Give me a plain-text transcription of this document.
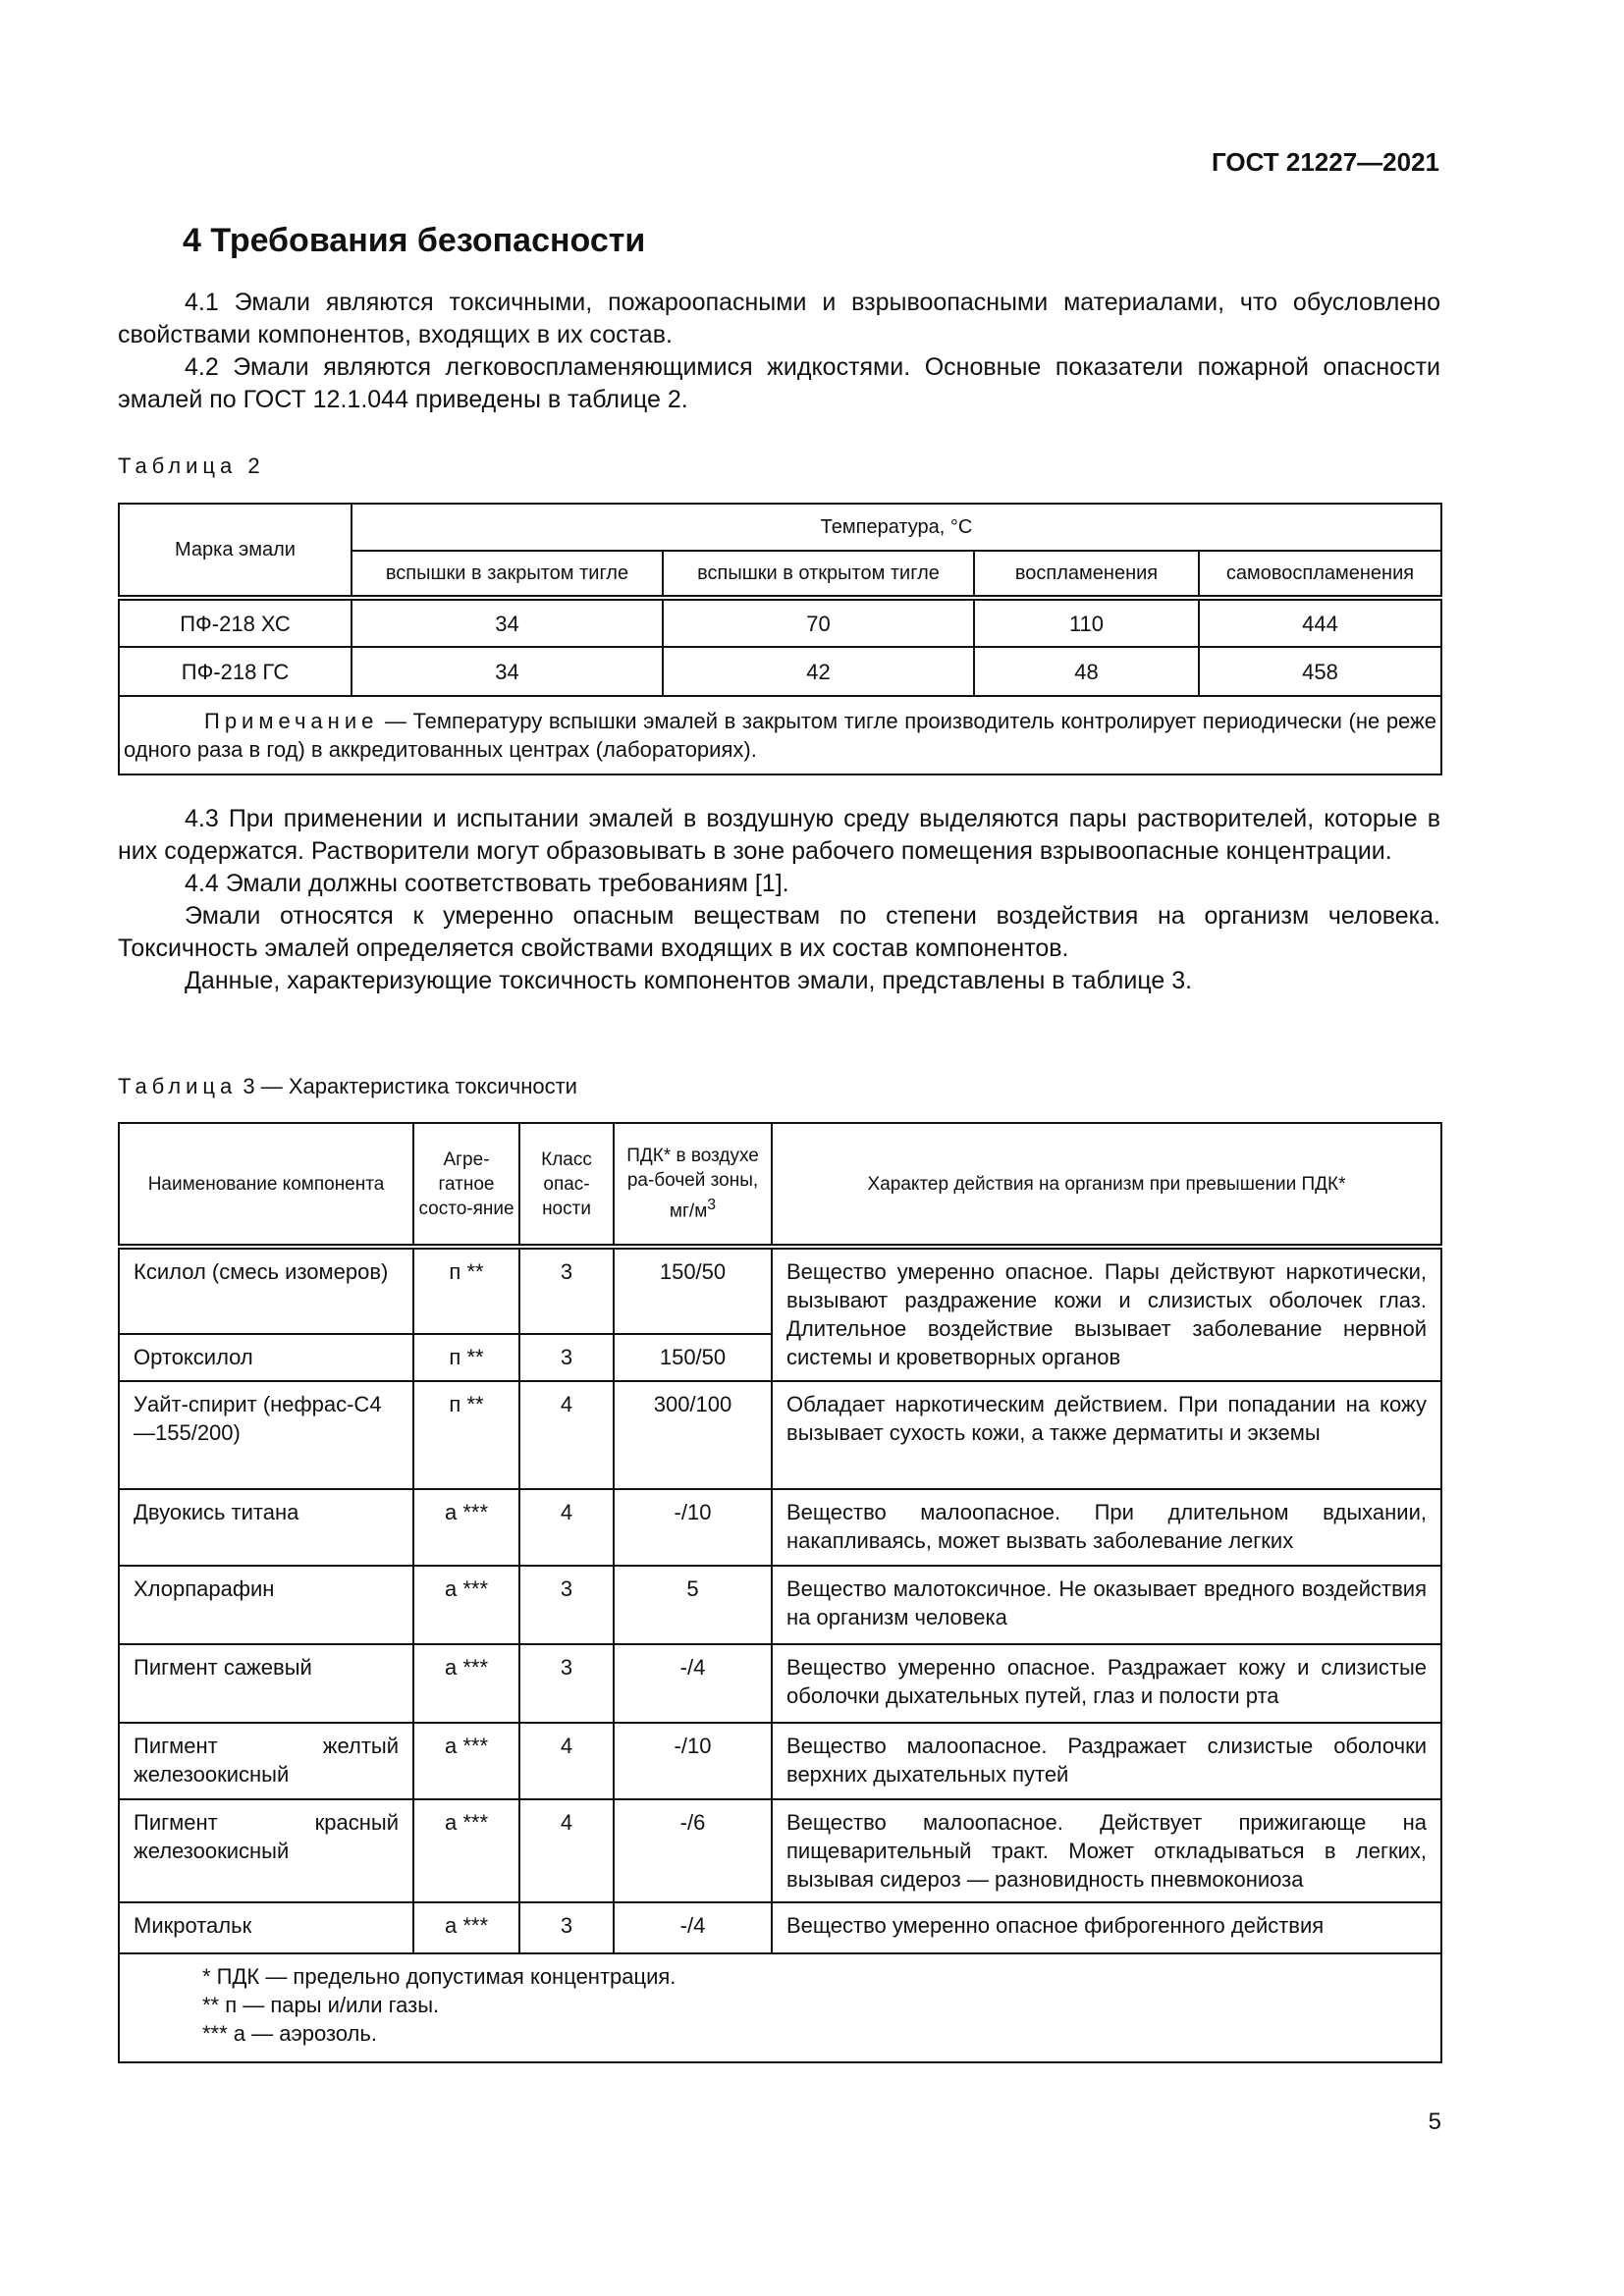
ГОСТ 21227—2021
4 Требования безопасности

4.1 Эмали являются токсичными, пожароопасными и взрывоопасными материалами, что обусловлено свойствами компонентов, входящих в их состав.

4.2 Эмали являются легковоспламеняющимися жидкостями. Основные показатели пожарной опасности эмалей по ГОСТ 12.1.044 приведены в таблице 2.

Таблица 2
Марка эмали	Температура, °С			
	вспышки в закрытом тигле	вспышки в открытом тигле	воспламенения	самовоспламенения
ПФ-218 ХС	34	70	110	444
ПФ-218 ГС	34	42	48	458
Примечание — Температуру вспышки эмалей в закрытом тигле производитель контролирует периодически (не реже одного раза в год) в аккредитованных центрах (лабораториях).				

4.3 При применении и испытании эмалей в воздушную среду выделяются пары растворителей, которые в них содержатся. Растворители могут образовывать в зоне рабочего помещения взрывоопасные концентрации.

4.4 Эмали должны соответствовать требованиям [1].

Эмали относятся к умеренно опасным веществам по степени воздействия на организм человека. Токсичность эмалей определяется свойствами входящих в их состав компонентов.

Данные, характеризующие токсичность компонентов эмали, представлены в таблице 3.

Таблица 3 — Характеристика токсичности
Наименование компонента	Агре-гатное состо-яние	Класс опас-ности	ПДК* в воздухе ра-бочей зоны, $мг/м^3$	Характер действия на организм при превышении ПДК*
Ксилол (смесь изомеров)	п **	3	150/50	Вещество умеренно опасное. Пары действуют наркотически, вызывают раздражение кожи и слизистых оболочек глаз. Длительное воздействие вызывает заболевание нервной системы и кроветворных органов
Ортоксилол	п **	3	150/50	
Уайт-спирит (нефрас-С4—155/200)	п **	4	300/100	Обладает наркотическим действием. При попадании на кожу вызывает сухость кожи, а также дерматиты и экземы
Двуокись титана	а ***	4	-/10	Вещество малоопасное. При длительном вдыхании, накапливаясь, может вызвать заболевание легких
Хлорпарафин	а ***	3	5	Вещество малотоксичное. Не оказывает вредного воздействия на организм человека
Пигмент сажевый	а ***	3	-/4	Вещество умеренно опасное. Раздражает кожу и слизистые оболочки дыхательных путей, глаз и полости рта
Пигмент желтый железоокисный	а ***	4	-/10	Вещество малоопасное. Раздражает слизистые оболочки верхних дыхательных путей
Пигмент красный железоокисный	а ***	4	-/6	Вещество малоопасное. Действует прижигающе на пищеварительный тракт. Может откладываться в легких, вызывая сидероз — разновидность пневмокониоза
Микротальк	а ***	3	-/4	Вещество умеренно опасное фиброгенного действия

* ПДК — предельно допустимая концентрация.
** п — пары и/или газы.
*** а — аэрозоль.				
5
